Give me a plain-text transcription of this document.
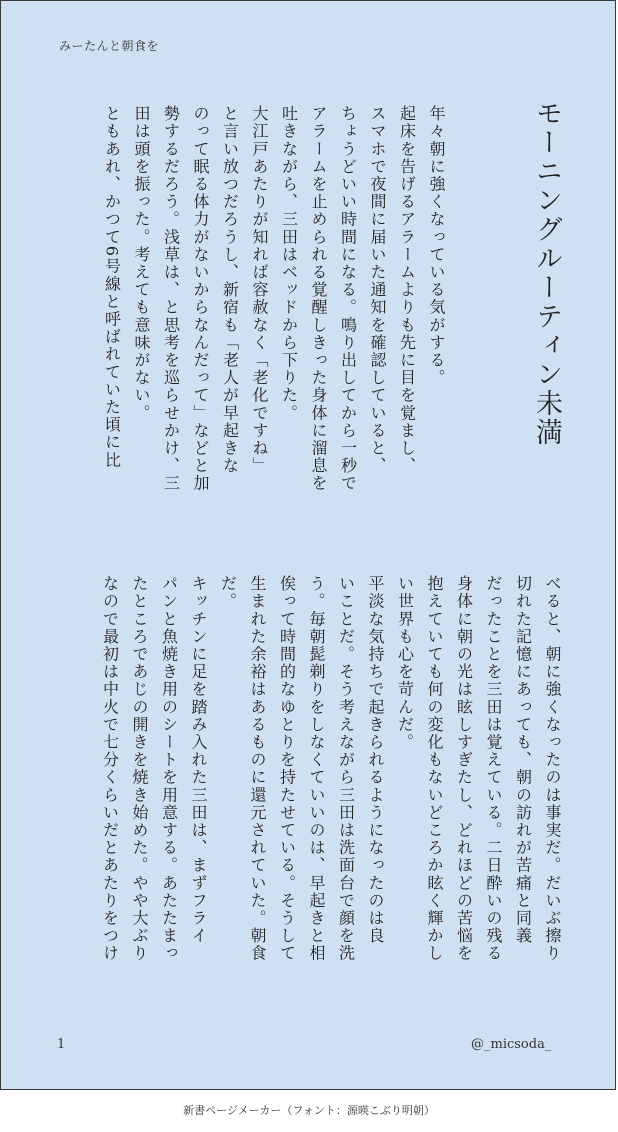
みーたんと朝食を
モーニングルーティン未満
年々朝に強くなっている気がする。
起床を告げるアラームよりも先に目を覚まし、
スマホで夜間に届いた通知を確認していると、
ちょうどいい時間になる。鳴り出してから一秒で
アラームを止められる覚醒しきった身体に溜息を
吐きながら、三田はベッドから下りた。
大江戸あたりが知れば容赦なく「老化ですね」
と言い放つだろうし、新宿も「老人が早起きな
のって眠る体力がないからなんだって」などと加
勢するだろう。浅草は、と思考を巡らせかけ、三
田は頭を振った。考えても意味がない。
ともあれ、かつて6号線と呼ばれていた頃に比
べると、朝に強くなったのは事実だ。だいぶ擦り
切れた記憶にあっても、朝の訪れが苦痛と同義
だったことを三田は覚えている。二日酔いの残る
身体に朝の光は眩しすぎたし、どれほどの苦悩を
抱えていても何の変化もないどころか眩く輝かし
い世界も心を苛んだ。
平淡な気持ちで起きられるようになったのは良
いことだ。そう考えながら三田は洗面台で顔を洗
う。毎朝髭剃りをしなくていいのは、早起きと相
俟って時間的なゆとりを持たせている。そうして
生まれた余裕はあるものに還元されていた。朝食
だ。
キッチンに足を踏み入れた三田は、まずフライ
パンと魚焼き用のシートを用意する。あたたまっ
たところであじの開きを焼き始めた。やや大ぶり
なので最初は中火で七分くらいだとあたりをつけ
1	@_micsoda_
新書ページメーカー（フォント：源暎こぶり明朝）
